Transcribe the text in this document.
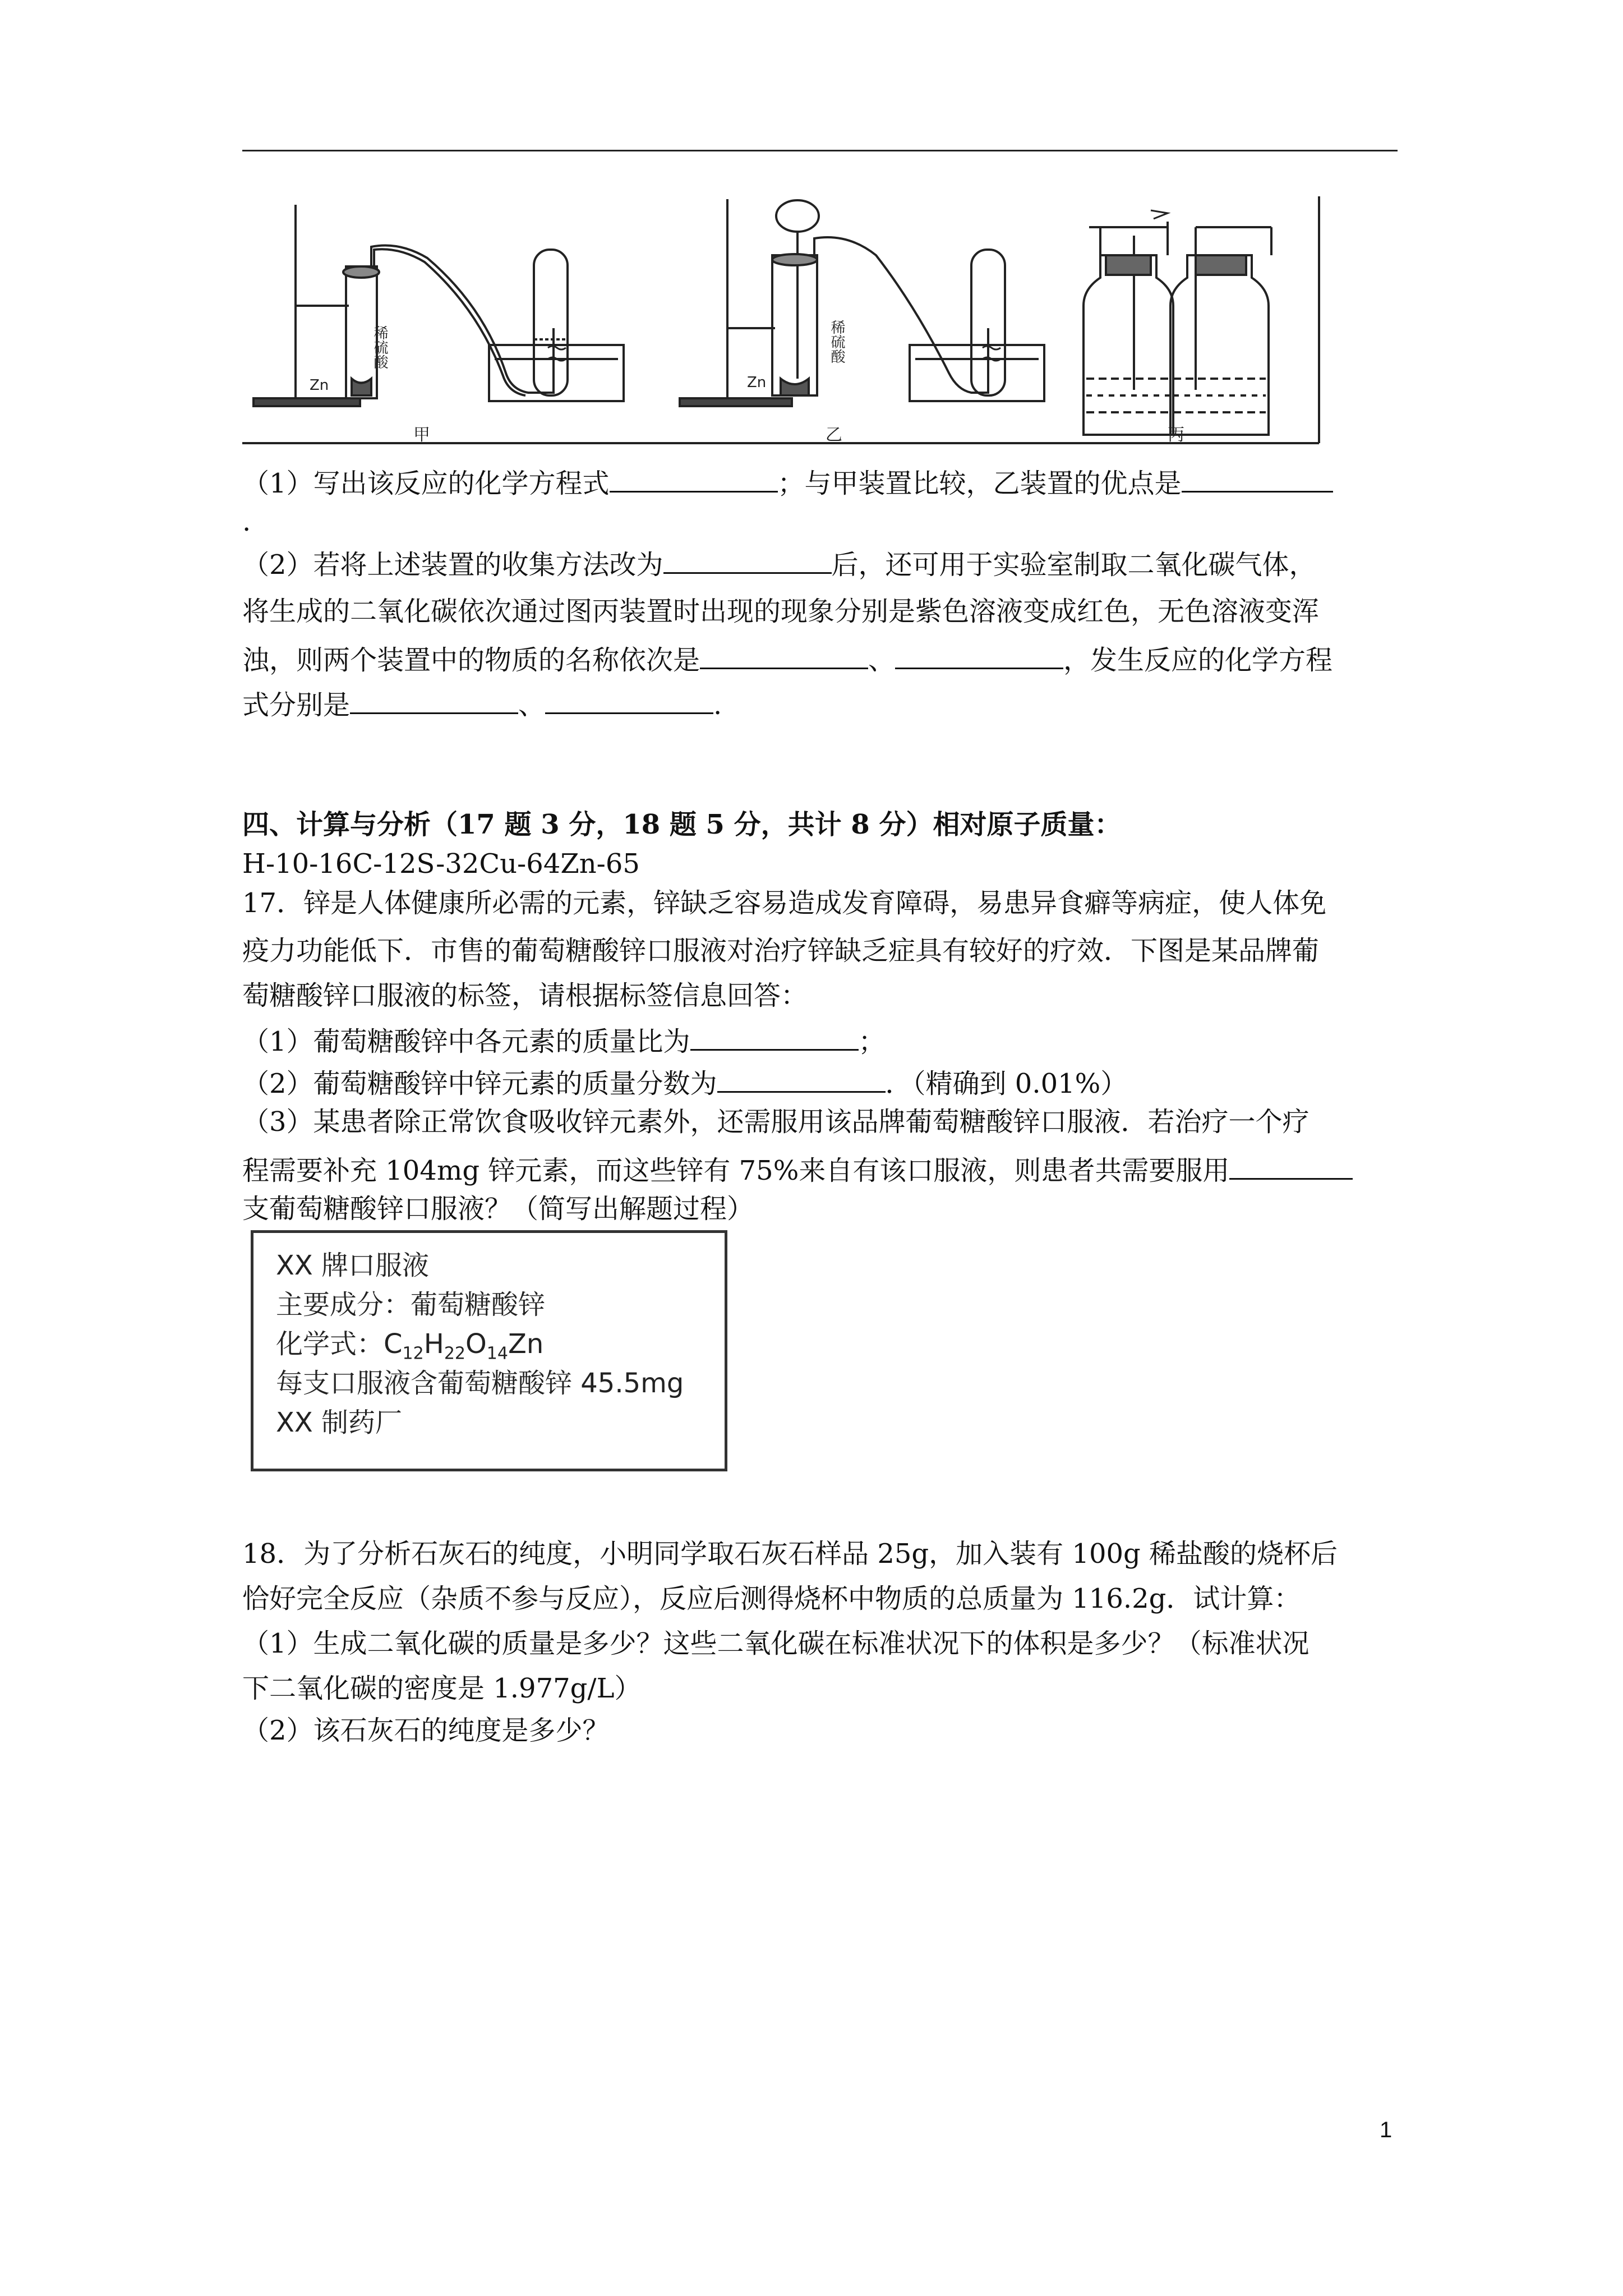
稀硫酸
Zn
甲
稀硫酸
Zn
乙	丙
（1）写出该反应的化学方程式	；与甲装置比较，乙装置的优点是
.
（2）若将上述装置的收集方法改为	后，还可用于实验室制取二氧化碳气体，
将生成的二氧化碳依次通过图丙装置时出现的现象分别是紫色溶液变成红色，无色溶液变浑
浊，则两个装置中的物质的名称依次是	、	，发生反应的化学方程
式分别是	、	.
四、计算与分析（17 题 3 分，18 题 5 分，共计 8 分）相对原子质量：
H-10-16C-12S-32Cu-64Zn-65
17．锌是人体健康所必需的元素，锌缺乏容易造成发育障碍，易患异食癖等病症，使人体免
疫力功能低下．市售的葡萄糖酸锌口服液对治疗锌缺乏症具有较好的疗效．下图是某品牌葡
萄糖酸锌口服液的标签，请根据标签信息回答：
（1）葡萄糖酸锌中各元素的质量比为	；
（2）葡萄糖酸锌中锌元素的质量分数为	．（精确到 0.01%）
（3）某患者除正常饮食吸收锌元素外，还需服用该品牌葡萄糖酸锌口服液．若治疗一个疗
程需要补充 104mg 锌元素，而这些锌有 75%来自有该口服液，则患者共需要服用
支葡萄糖酸锌口服液？（简写出解题过程）
XX 牌口服液
主要成分：葡萄糖酸锌
化学式：$C_{12}H_{22}O_{14}Zn$
每支口服液含葡萄糖酸锌 45.5mg
XX 制药厂
18．为了分析石灰石的纯度，小明同学取石灰石样品 25g，加入装有 100g 稀盐酸的烧杯后
恰好完全反应（杂质不参与反应），反应后测得烧杯中物质的总质量为 116.2g．试计算：
（1）生成二氧化碳的质量是多少？这些二氧化碳在标准状况下的体积是多少？（标准状况
下二氧化碳的密度是 1.977g/L）
（2）该石灰石的纯度是多少？
1
